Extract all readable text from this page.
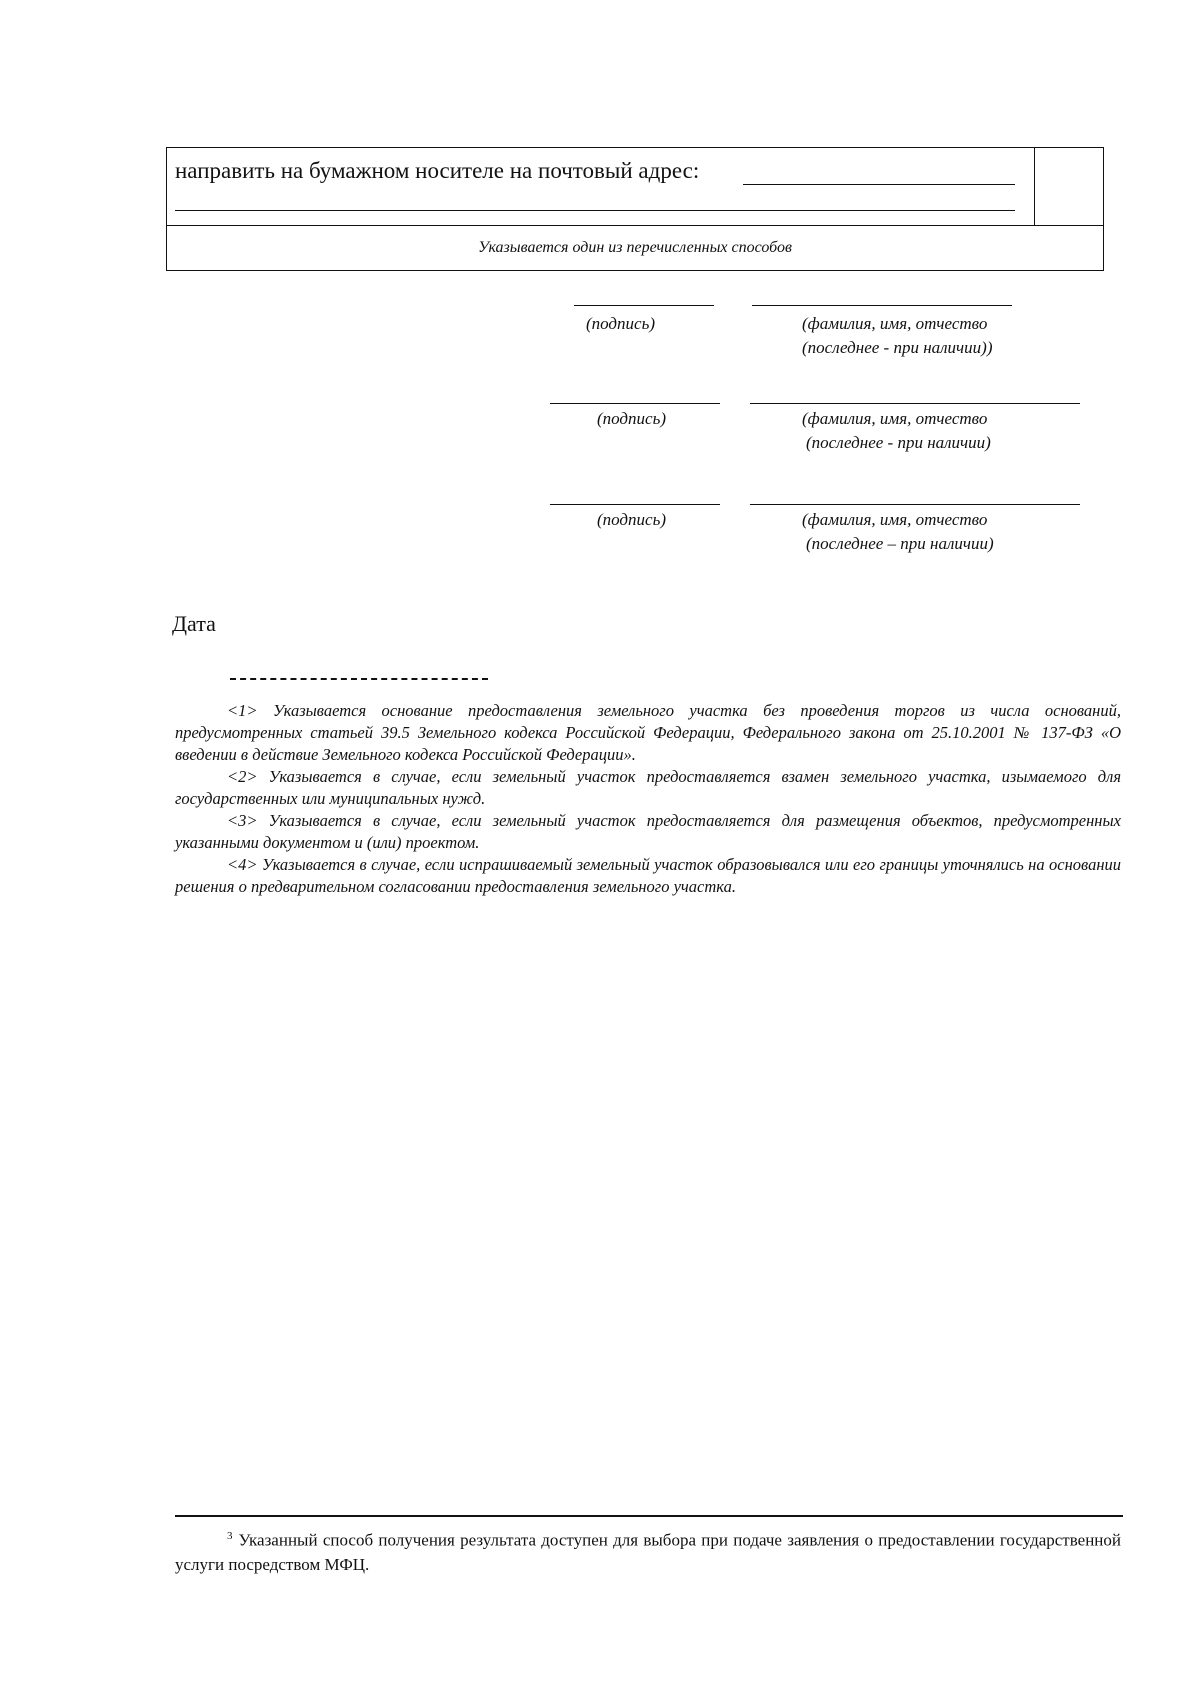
направить на бумажном носителе на почтовый адрес:
Указывается один из перечисленных способов
(подпись)	(фамилия, имя, отчество
(последнее - при наличии))
(подпись)	(фамилия, имя, отчество
(последнее - при наличии)
(подпись)	(фамилия, имя, отчество
(последнее – при наличии)
Дата

<1> Указывается основание предоставления земельного участка без проведения торгов из числа оснований, предусмотренных статьей 39.5 Земельного кодекса Российской Федерации, Федерального закона от 25.10.2001 № 137-ФЗ «О введении в действие Земельного кодекса Российской Федерации».

<2> Указывается в случае, если земельный участок предоставляется взамен земельного участка, изымаемого для государственных или муниципальных нужд.

<3> Указывается в случае, если земельный участок предоставляется для размещения объектов, предусмотренных указанными документом и (или) проектом.

<4> Указывается в случае, если испрашиваемый земельный участок образовывался или его границы уточнялись на основании решения о предварительном согласовании предоставления земельного участка.

$^3$ Указанный способ получения результата доступен для выбора при подаче заявления о предоставлении государственной услуги посредством МФЦ.
